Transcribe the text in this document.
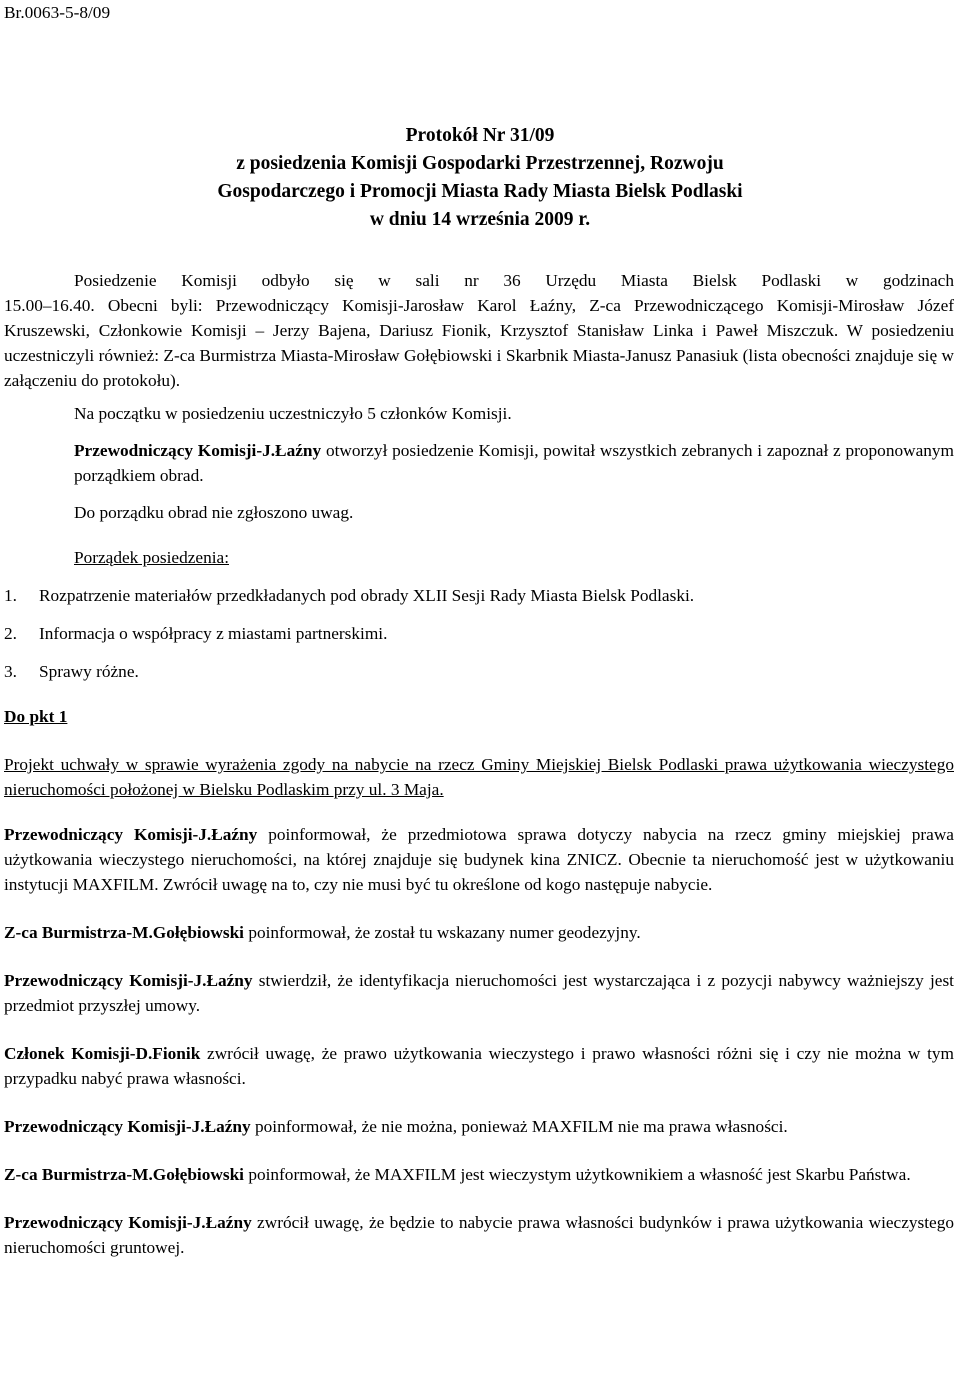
Br.0063-5-8/09
Protokół Nr 31/09
z posiedzenia Komisji Gospodarki Przestrzennej, Rozwoju
Gospodarczego i Promocji Miasta Rady Miasta Bielsk Podlaski
w dniu 14 września 2009 r.

Posiedzenie Komisji odbyło się w sali nr 36 Urzędu Miasta Bielsk Podlaski w godzinach

15.00–16.40. Obecni byli: Przewodniczący Komisji-Jarosław Karol Łaźny, Z-ca Przewodniczącego Komisji-Mirosław Józef Kruszewski, Członkowie Komisji – Jerzy Bajena, Dariusz Fionik, Krzysztof Stanisław Linka i Paweł Miszczuk. W posiedzeniu uczestniczyli również: Z-ca Burmistrza Miasta-Mirosław Gołębiowski i Skarbnik Miasta-Janusz Panasiuk (lista obecności znajduje się w załączeniu do protokołu).

Na początku w posiedzeniu uczestniczyło 5 członków Komisji.

Przewodniczący Komisji-J.Łaźny otworzył posiedzenie Komisji, powitał wszystkich zebranych i zapoznał z proponowanym porządkiem obrad.

Do porządku obrad nie zgłoszono uwag.

Porządek posiedzenia:

1. Rozpatrzenie materiałów przedkładanych pod obrady XLII Sesji Rady Miasta Bielsk Podlaski.
2. Informacja o współpracy z miastami partnerskimi.
3. Sprawy różne.

Do pkt 1

Projekt uchwały w sprawie wyrażenia zgody na nabycie na rzecz Gminy Miejskiej Bielsk Podlaski prawa użytkowania wieczystego nieruchomości położonej w Bielsku Podlaskim przy ul. 3 Maja.

Przewodniczący Komisji-J.Łaźny poinformował, że przedmiotowa sprawa dotyczy nabycia na rzecz gminy miejskiej prawa użytkowania wieczystego nieruchomości, na której znajduje się budynek kina ZNICZ. Obecnie ta nieruchomość jest w użytkowaniu instytucji MAXFILM. Zwrócił uwagę na to, czy nie musi być tu określone od kogo następuje nabycie.

Z-ca Burmistrza-M.Gołębiowski poinformował, że został tu wskazany numer geodezyjny.

Przewodniczący Komisji-J.Łaźny stwierdził, że identyfikacja nieruchomości jest wystarczająca i z pozycji nabywcy ważniejszy jest przedmiot przyszłej umowy.

Członek Komisji-D.Fionik zwrócił uwagę, że prawo użytkowania wieczystego i prawo własności różni się i czy nie można w tym przypadku nabyć prawa własności.

Przewodniczący Komisji-J.Łaźny poinformował, że nie można, ponieważ MAXFILM nie ma prawa własności.

Z-ca Burmistrza-M.Gołębiowski poinformował, że MAXFILM jest wieczystym użytkownikiem a własność jest Skarbu Państwa.

Przewodniczący Komisji-J.Łaźny zwrócił uwagę, że będzie to nabycie prawa własności budynków i prawa użytkowania wieczystego nieruchomości gruntowej.
